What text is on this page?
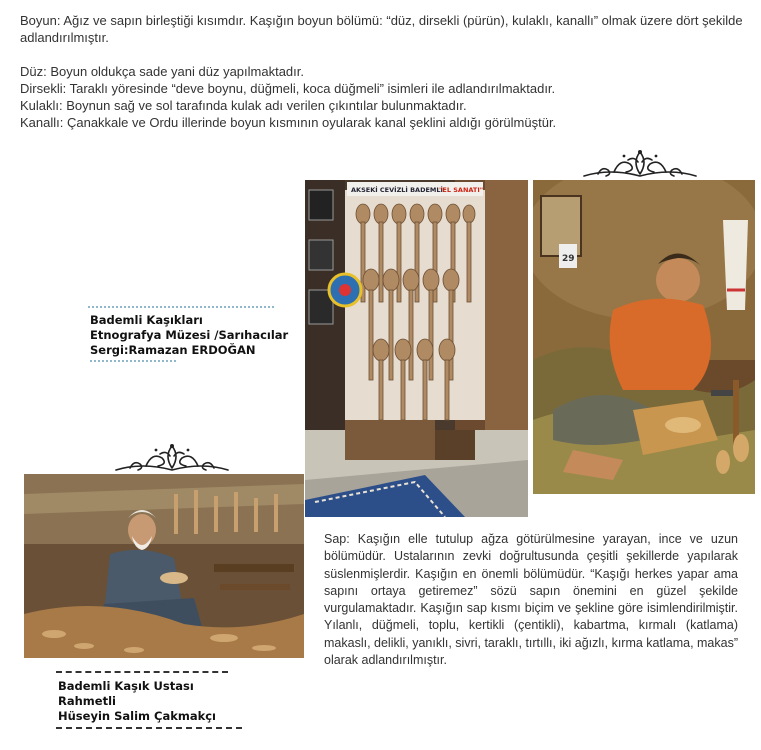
Boyun: Ağız ve sapın birleştiği kısımdır. Kaşığın boyun bölümü: “düz, dirsekli (pürün), kulaklı, kanallı” olmak üzere dört şekilde adlandırılmıştır.

Düz: Boyun oldukça sade yani düz yapılmaktadır.

Dirsekli: Taraklı yöresinde “deve boynu, düğmeli, koca düğmeli” isimleri ile adlandırılmaktadır.

Kulaklı: Boynun sağ ve sol tarafında kulak adı verilen çıkıntılar bulunmaktadır.

Kanallı: Çanakkale ve Ordu illerinde boyun kısmının oyularak kanal şeklini aldığı görülmüştür.

Bademli Kaşıkları
Etnografya Müzesi /Sarıhacılar
Sergi:Ramazan ERDOĞAN
AKSEKİ CEVİZLİ BADEMLİ
"EL SANATI"
29
Bademli Kaşık Ustası
Rahmetli
Hüseyin Salim Çakmakçı

Sap: Kaşığın elle tutulup ağza götürülmesine yarayan, ince ve uzun bölümüdür. Ustalarının zevki doğrultusunda çeşitli şekillerde yapılarak süslenmişlerdir. Kaşığın en önemli bölümüdür. “Kaşığı herkes yapar ama sapını ortaya getiremez” sözü sapın önemini en güzel şekilde vurgulamaktadır. Kaşığın sap kısmı biçim ve şekline göre isimlendirilmiştir. Yılanlı, düğmeli, toplu, kertikli (çentikli), kabartma, kırmalı (katlama) makaslı, delikli, yanıklı, sivri, taraklı, tırtıllı, iki ağızlı, kırma katlama, makas” olarak adlandırılmıştır.
